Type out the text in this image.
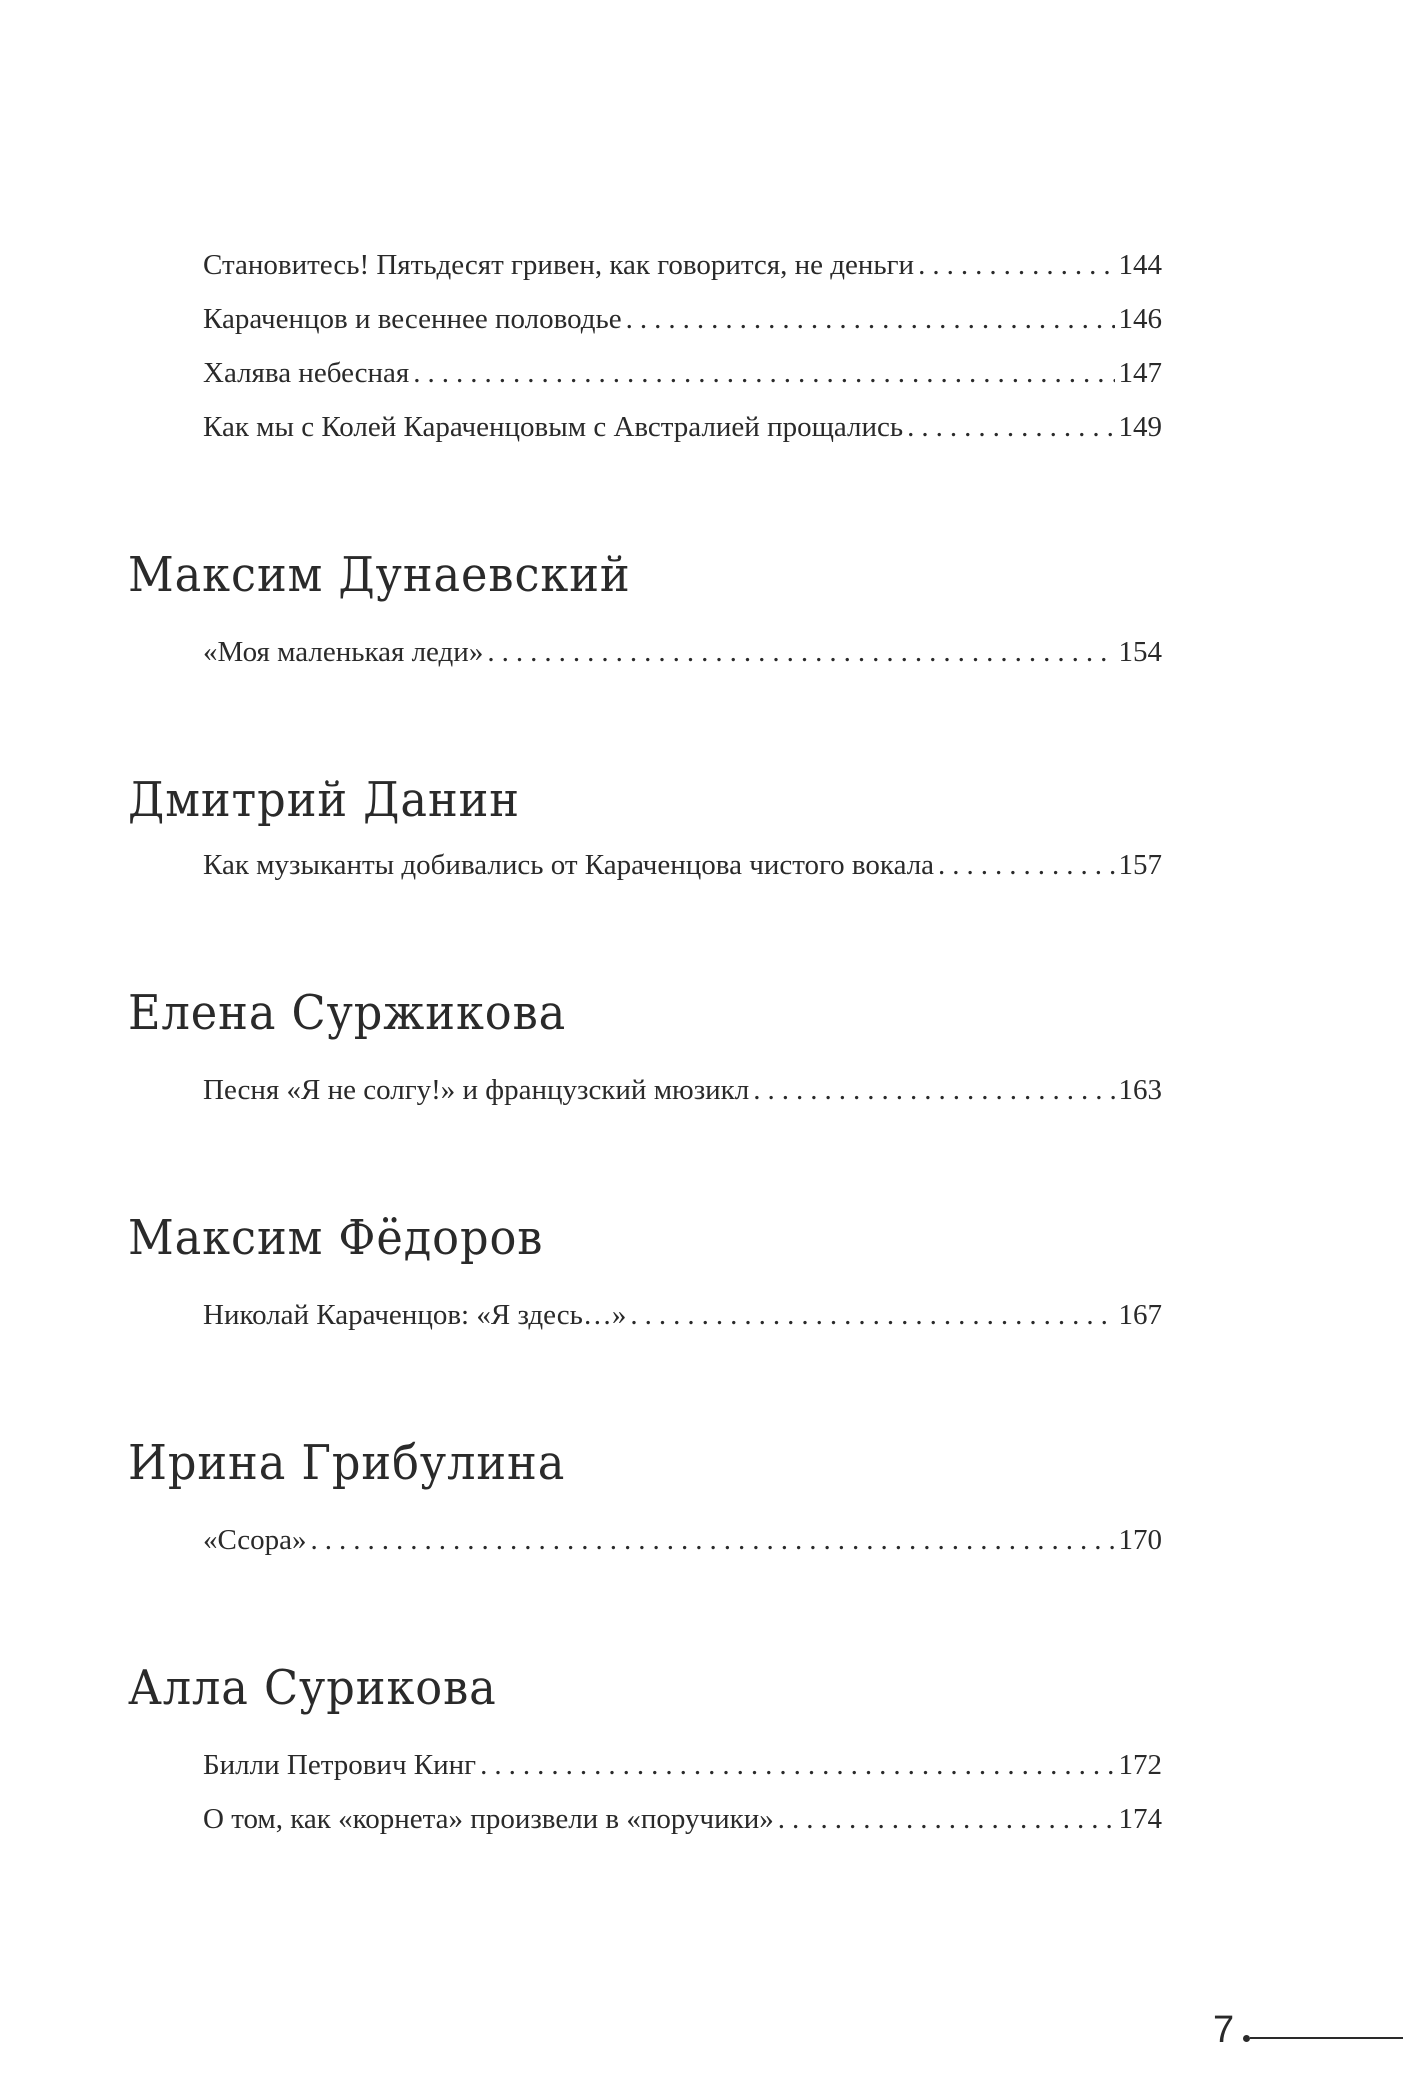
Становитесь! Пятьдесят гривен, как говорится, не деньги .....	144
Караченцов и весеннее половодье .....	146
Халява небесная .....	147
Как мы с Колей Караченцовым с Австралией прощались .....	149
Максим Дунаевский
«Моя маленькая леди» .....	154
Дмитрий Данин
Как музыканты добивались от Караченцова чистого вокала .....	157
Елена Суржикова
Песня «Я не солгу!» и французский мюзикл .....	163
Максим Фёдоров
Николай Караченцов: «Я здесь…» .....	167
Ирина Грибулина
«Ссора» .....	170
Алла Сурикова
Билли Петрович Кинг .....	172
О том, как «корнета» произвели в «поручики» .....	174
7
